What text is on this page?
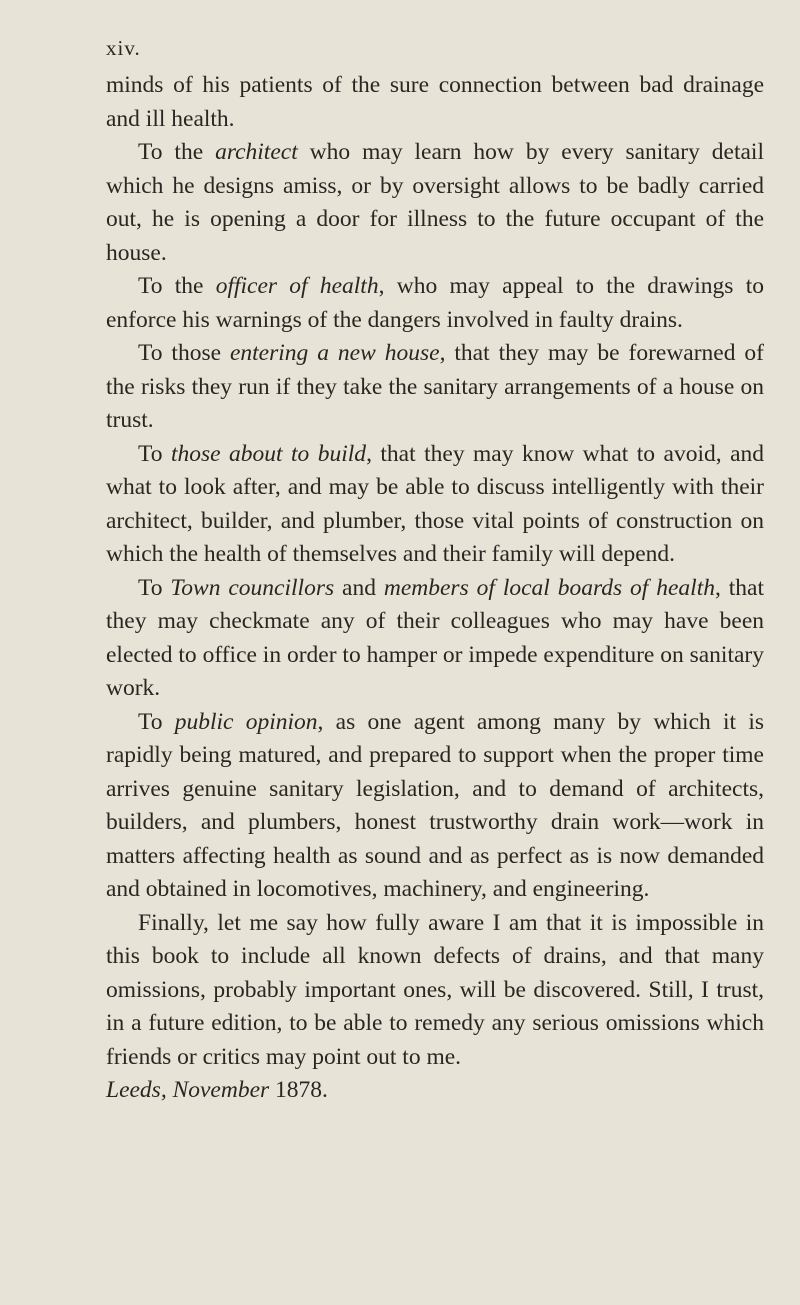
xiv.

minds of his patients of the sure connection between bad drainage and ill health.

To the architect who may learn how by every sanitary detail which he designs amiss, or by oversight allows to be badly carried out, he is opening a door for illness to the future occupant of the house.

To the officer of health, who may appeal to the drawings to enforce his warnings of the dangers involved in faulty drains.

To those entering a new house, that they may be forewarned of the risks they run if they take the sanitary arrangements of a house on trust.

To those about to build, that they may know what to avoid, and what to look after, and may be able to discuss intelligently with their architect, builder, and plumber, those vital points of construction on which the health of themselves and their family will depend.

To Town councillors and members of local boards of health, that they may checkmate any of their colleagues who may have been elected to office in order to hamper or impede expenditure on sanitary work.

To public opinion, as one agent among many by which it is rapidly being matured, and prepared to support when the proper time arrives genuine sanitary legislation, and to demand of architects, builders, and plumbers, honest trustworthy drain work—work in matters affecting health as sound and as perfect as is now demanded and obtained in locomotives, machinery, and engineering.

Finally, let me say how fully aware I am that it is impossible in this book to include all known defects of drains, and that many omissions, probably important ones, will be discovered. Still, I trust, in a future edition, to be able to remedy any serious omissions which friends or critics may point out to me.

Leeds, November 1878.
